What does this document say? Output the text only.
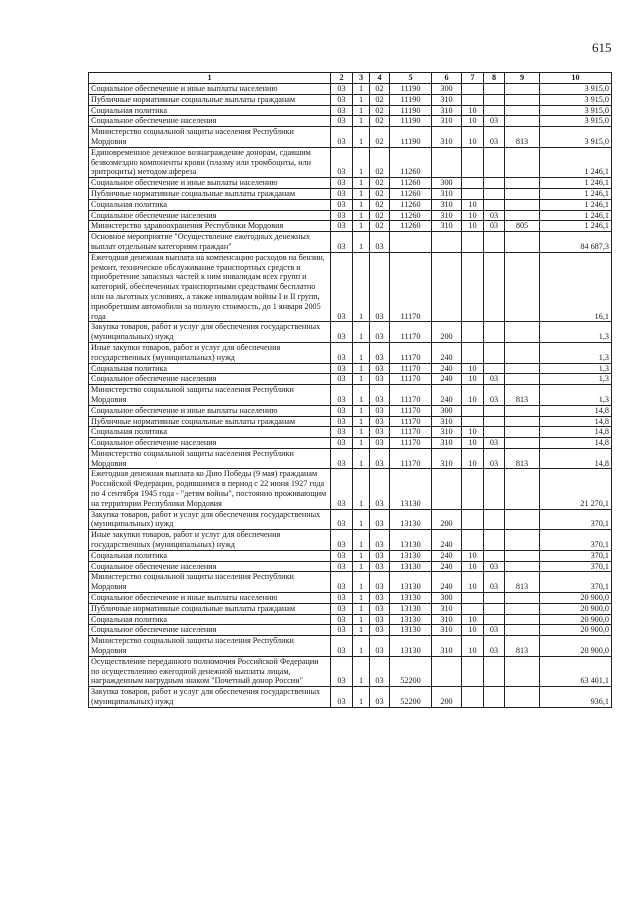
615
1	2	3	4	5	6	7	8	9	10
Социальное обеспечение и иные выплаты населению	03	1	02	11190	300				3 915,0
Публичные нормативные социальные выплаты гражданам	03	1	02	11190	310				3 915,0
Социальная политика	03	1	02	11190	310	10			3 915,0
Социальное обеспечение населения	03	1	02	11190	310	10	03		3 915,0
Министерство социальной защиты населения Республики Мордовия	03	1	02	11190	310	10	03	813	3 915,0
Единовременное денежное вознаграждение донорам, сдавшим безвозмездно компоненты крови (плазму или тромбоциты, или эритроциты) методом афереза	03	1	02	11260					1 246,1
Социальное обеспечение и иные выплаты населению	03	1	02	11260	300				1 246,1
Публичные нормативные социальные выплаты гражданам	03	1	02	11260	310				1 246,1
Социальная политика	03	1	02	11260	310	10			1 246,1
Социальное обеспечение населения	03	1	02	11260	310	10	03		1 246,1
Министерство здравоохранения Республики Мордовия	03	1	02	11260	310	10	03	805	1 246,1
Основное мероприятие "Осуществление ежегодных денежных выплат отдельным категориям граждан"	03	1	03						84 687,3
Ежегодная денежная выплата на компенсацию расходов на бензин, ремонт, техническое обслуживание транспортных средств и приобретение запасных частей к ним инвалидам всех групп и категорий, обеспеченных транспортными средствами бесплатно или на льготных условиях, а также инвалидам войны I и II групп, приобретшим автомобили за полную стоимость, до 1 января 2005 года	03	1	03	11170					16,1
Закупка товаров, работ и услуг для обеспечения государственных (муниципальных) нужд	03	1	03	11170	200				1,3
Иные закупки товаров, работ и услуг для обеспечения государственных (муниципальных) нужд	03	1	03	11170	240				1,3
Социальная политика	03	1	03	11170	240	10			1,3
Социальное обеспечение населения	03	1	03	11170	240	10	03		1,3
Министерство социальной защиты населения Республики Мордовия	03	1	03	11170	240	10	03	813	1,3
Социальное обеспечение и иные выплаты населению	03	1	03	11170	300				14,8
Публичные нормативные социальные выплаты гражданам	03	1	03	11170	310				14,8
Социальная политика	03	1	03	11170	310	10			14,8
Социальное обеспечение населения	03	1	03	11170	310	10	03		14,8
Министерство социальной защиты населения Республики Мордовия	03	1	03	11170	310	10	03	813	14,8
Ежегодная денежная выплата ко Дню Победы (9 мая) гражданам Российской Федерации, родившимся в период с 22 июня 1927 года по 4 сентября 1945 года - "детям войны", постоянно проживающим на территории Республики Мордовия	03	1	03	13130					21 270,1
Закупка товаров, работ и услуг для обеспечения государственных (муниципальных) нужд	03	1	03	13130	200				370,1
Иные закупки товаров, работ и услуг для обеспечения государственных (муниципальных) нужд	03	1	03	13130	240				370,1
Социальная политика	03	1	03	13130	240	10			370,1
Социальное обеспечение населения	03	1	03	13130	240	10	03		370,1
Министерство социальной защиты населения Республики Мордовия	03	1	03	13130	240	10	03	813	370,1
Социальное обеспечение и иные выплаты населению	03	1	03	13130	300				20 900,0
Публичные нормативные социальные выплаты гражданам	03	1	03	13130	310				20 900,0
Социальная политика	03	1	03	13130	310	10			20 900,0
Социальное обеспечение населения	03	1	03	13130	310	10	03		20 900,0
Министерство социальной защиты населения Республики Мордовия	03	1	03	13130	310	10	03	813	20 900,0
Осуществление переданного полномочия Российской Федерации по осуществлению ежегодной денежной выплаты лицам, награжденным нагрудным знаком "Почетный донор России"	03	1	03	52200					63 401,1
Закупка товаров, работ и услуг для обеспечения государственных (муниципальных) нужд	03	1	03	52200	200				936,1
